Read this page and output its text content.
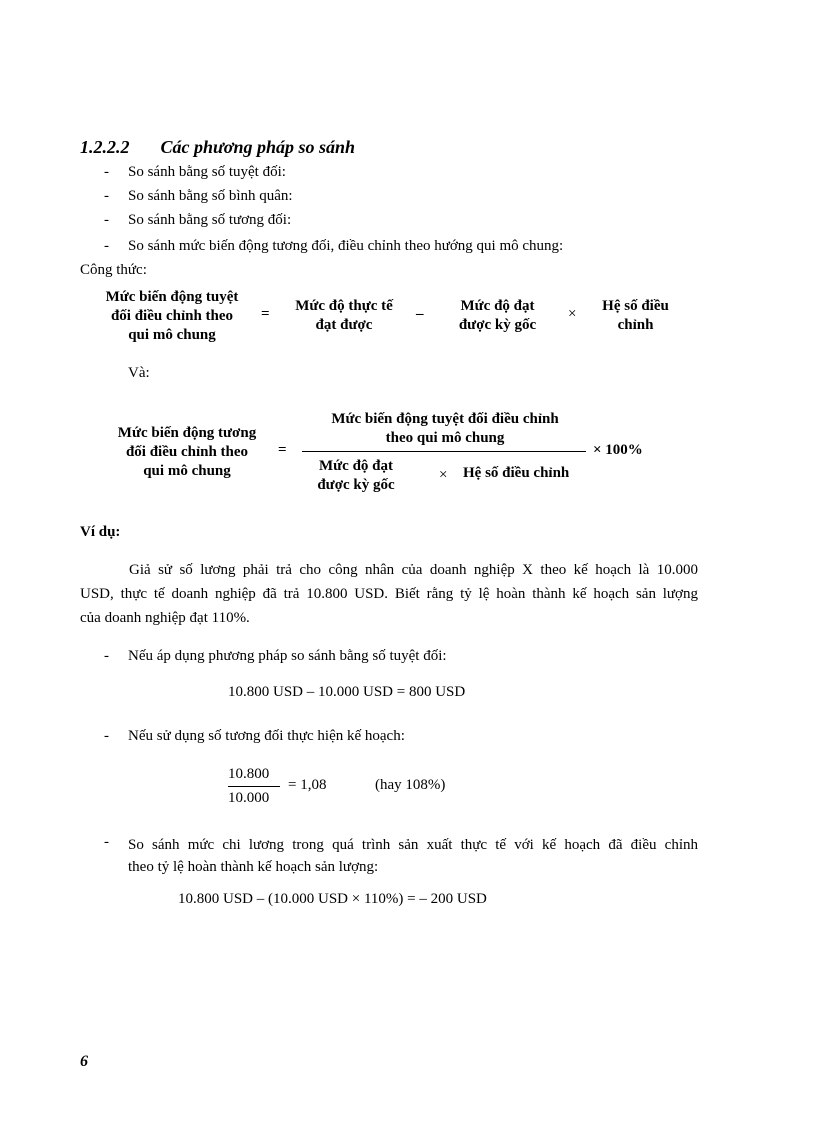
1.2.2.2 Các phương pháp so sánh
- So sánh bằng số tuyệt đối:
- So sánh bằng số bình quân:
- So sánh bằng số tương đối:
- So sánh mức biến động tương đối, điều chỉnh theo hướng qui mô chung:
Công thức:
Mức biến động tuyệt
đối điều chỉnh theo
qui mô chung
=	Mức độ thực tế
đạt được
–	Mức độ đạt
được kỳ gốc
×	Hệ số điều
chỉnh
Và:
Mức biến động tương
đối điều chỉnh theo
qui mô chung
=
Mức biến động tuyệt đối điều chỉnh
theo qui mô chung
× 100%
Mức độ đạt
được kỳ gốc
× Hệ số điều chỉnh
Ví dụ:
Giả sử số lương phải trả cho công nhân của doanh nghiệp X theo kế hoạch là 10.000
USD, thực tế doanh nghiệp đã trả 10.800 USD. Biết rằng tỷ lệ hoàn thành kế hoạch sản lượng
của doanh nghiệp đạt 110%.
- Nếu áp dụng phương pháp so sánh bằng số tuyệt đối:
10.800 USD – 10.000 USD = 800 USD
- Nếu sử dụng số tương đối thực hiện kế hoạch:
10.800
10.000
= 1,08	(hay 108%)
- So sánh mức chi lương trong quá trình sản xuất thực tế với kế hoạch đã điều chỉnh
theo tỷ lệ hoàn thành kế hoạch sản lượng:
10.800 USD – (10.000 USD × 110%) = – 200 USD
6
